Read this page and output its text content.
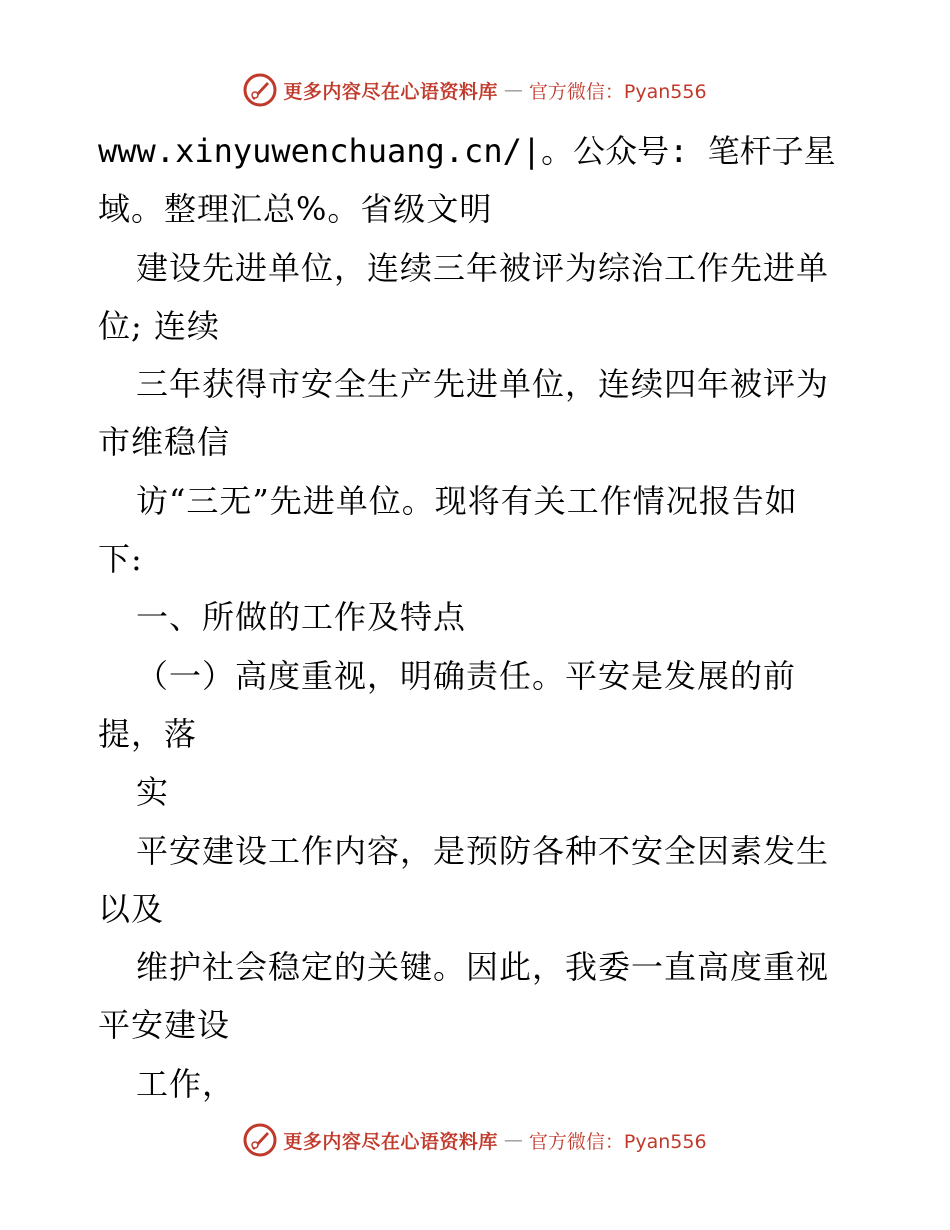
更多内容尽在心语资料库 — 官方微信：Pyan556
www.xinyuwenchuang.cn/|。公众号: 笔杆子星
域。整理汇总%。省级文明
建设先进单位，连续三年被评为综治工作先进单
位; 连续
三年获得市安全生产先进单位，连续四年被评为
市维稳信
访“三无”先进单位。现将有关工作情况报告如
下:
一、所做的工作及特点
（一）高度重视，明确责任。平安是发展的前
提，落
实
平安建设工作内容，是预防各种不安全因素发生
以及
维护社会稳定的关键。因此，我委一直高度重视
平安建设
工作，
更多内容尽在心语资料库 — 官方微信：Pyan556
